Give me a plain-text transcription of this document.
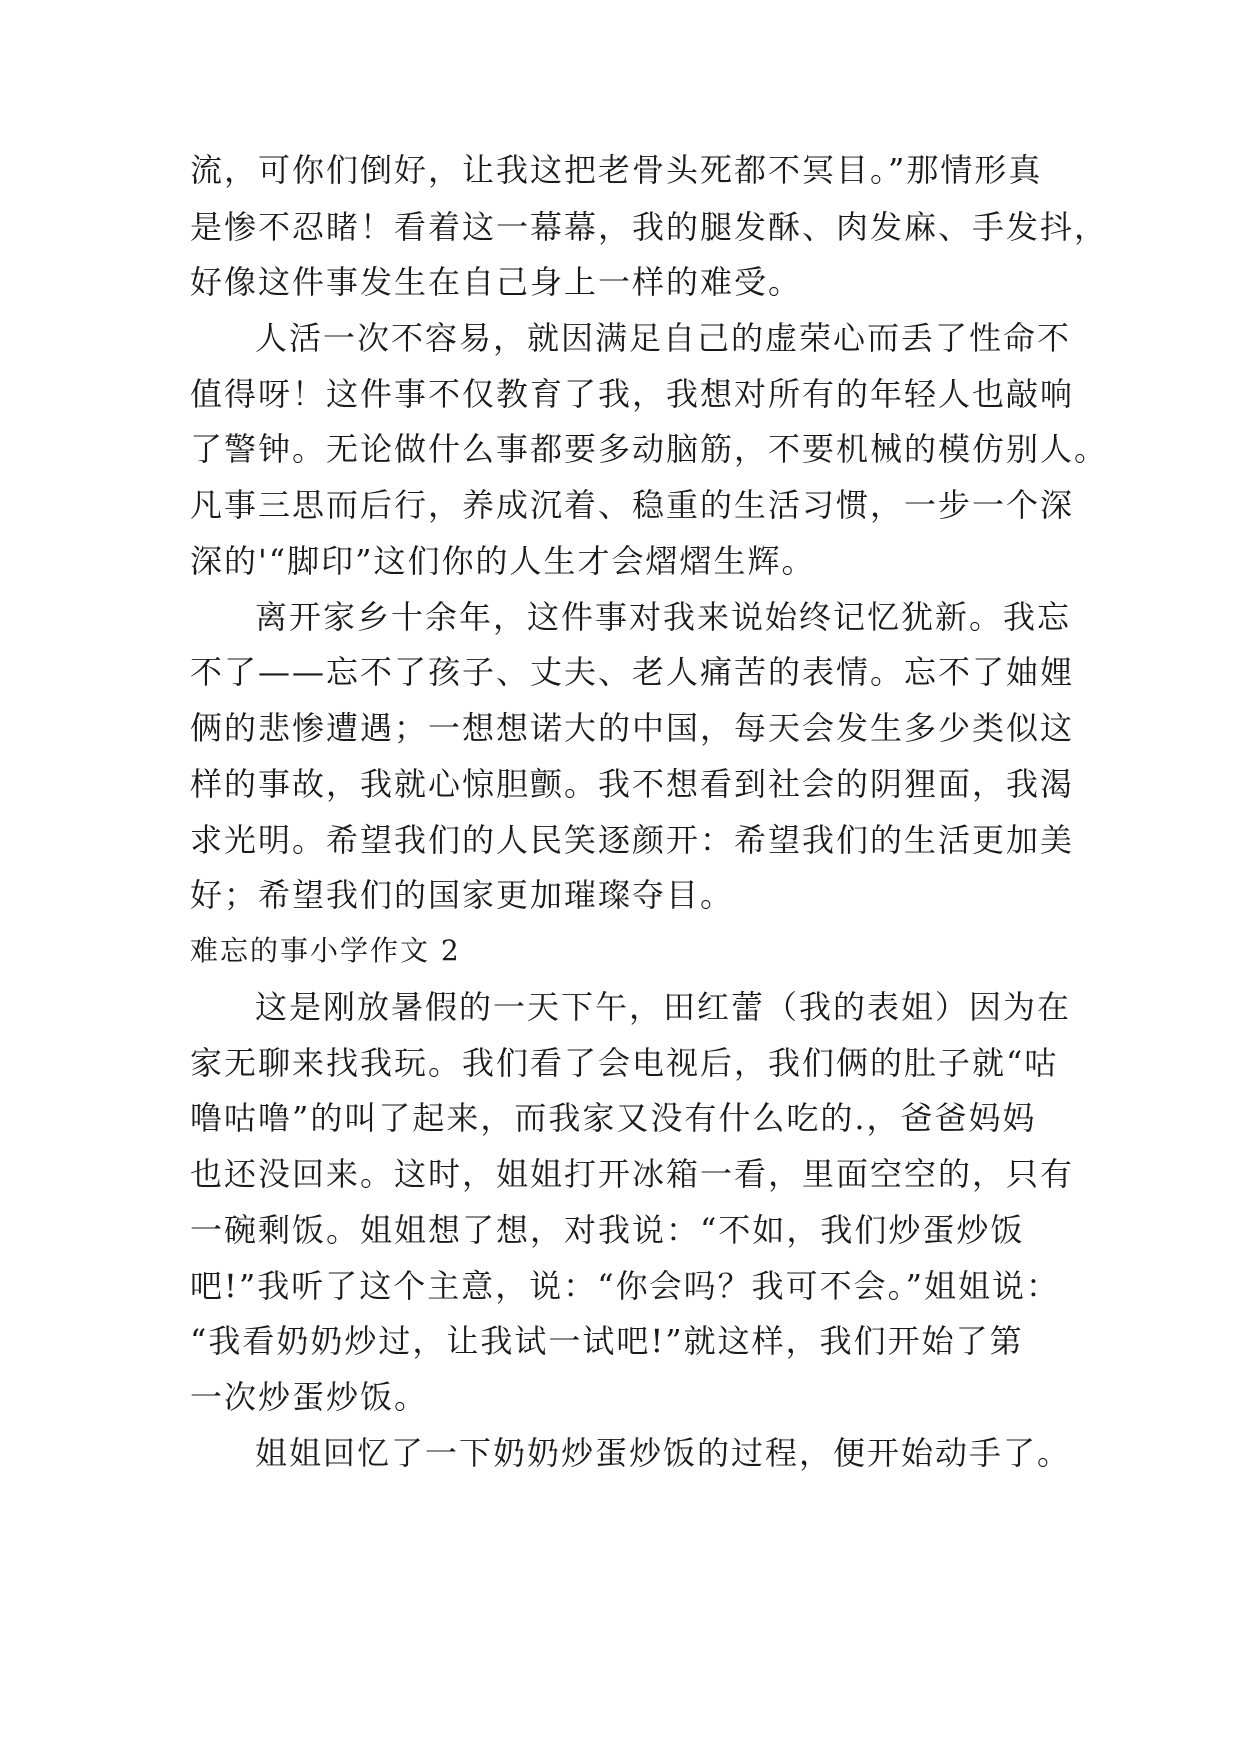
流，可你们倒好，让我这把老骨头死都不冥目。”那情形真
是惨不忍睹！看着这一幕幕，我的腿发酥、肉发麻、手发抖，
好像这件事发生在自己身上一样的难受。
人活一次不容易，就因满足自己的虚荣心而丢了性命不
值得呀！这件事不仅教育了我，我想对所有的年轻人也敲响
了警钟。无论做什么事都要多动脑筋，不要机械的模仿别人。
凡事三思而后行，养成沉着、稳重的生活习惯，一步一个深
深的'“脚印”这们你的人生才会熠熠生辉。
离开家乡十余年，这件事对我来说始终记忆犹新。我忘
不了——忘不了孩子、丈夫、老人痛苦的表情。忘不了妯娌
俩的悲惨遭遇；一想想诺大的中国，每天会发生多少类似这
样的事故，我就心惊胆颤。我不想看到社会的阴狸面，我渴
求光明。希望我们的人民笑逐颜开：希望我们的生活更加美
好；希望我们的国家更加璀璨夺目。
难忘的事小学作文 2
这是刚放暑假的一天下午，田红蕾（我的表姐）因为在
家无聊来找我玩。我们看了会电视后，我们俩的肚子就“咕
噜咕噜”的叫了起来，而我家又没有什么吃的.，爸爸妈妈
也还没回来。这时，姐姐打开冰箱一看，里面空空的，只有
一碗剩饭。姐姐想了想，对我说：“不如，我们炒蛋炒饭
吧!”我听了这个主意，说：“你会吗？我可不会。”姐姐说：
“我看奶奶炒过，让我试一试吧!”就这样，我们开始了第
一次炒蛋炒饭。
姐姐回忆了一下奶奶炒蛋炒饭的过程，便开始动手了。
